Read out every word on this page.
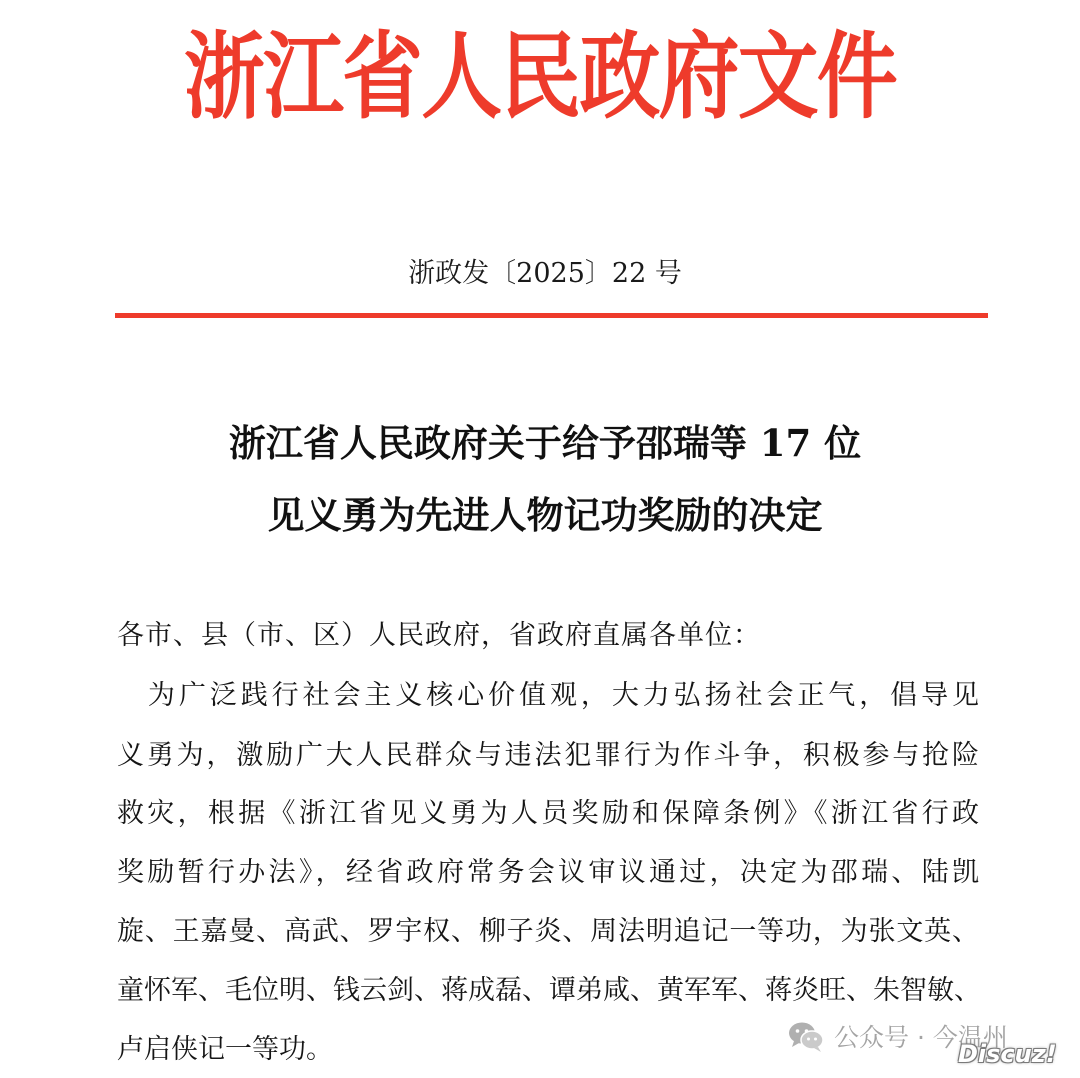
浙江省人民政府文件
浙政发〔2025〕22 号
浙江省人民政府关于给予邵瑞等 17 位
见义勇为先进人物记功奖励的决定
各市、县（市、区）人民政府，省政府直属各单位：
　为广泛践行社会主义核心价值观，大力弘扬社会正气，倡导见
义勇为，激励广大人民群众与违法犯罪行为作斗争，积极参与抢险
救灾，根据《浙江省见义勇为人员奖励和保障条例》《浙江省行政
奖励暂行办法》，经省政府常务会议审议通过，决定为邵瑞、陆凯
旋、王嘉曼、高武、罗宇权、柳子炎、周法明追记一等功，为张文英、
童怀军、毛位明、钱云剑、蒋成磊、谭弟咸、黄军军、蒋炎旺、朱智敏、
卢启侠记一等功。	公众号 · 今温州
Discuz!
